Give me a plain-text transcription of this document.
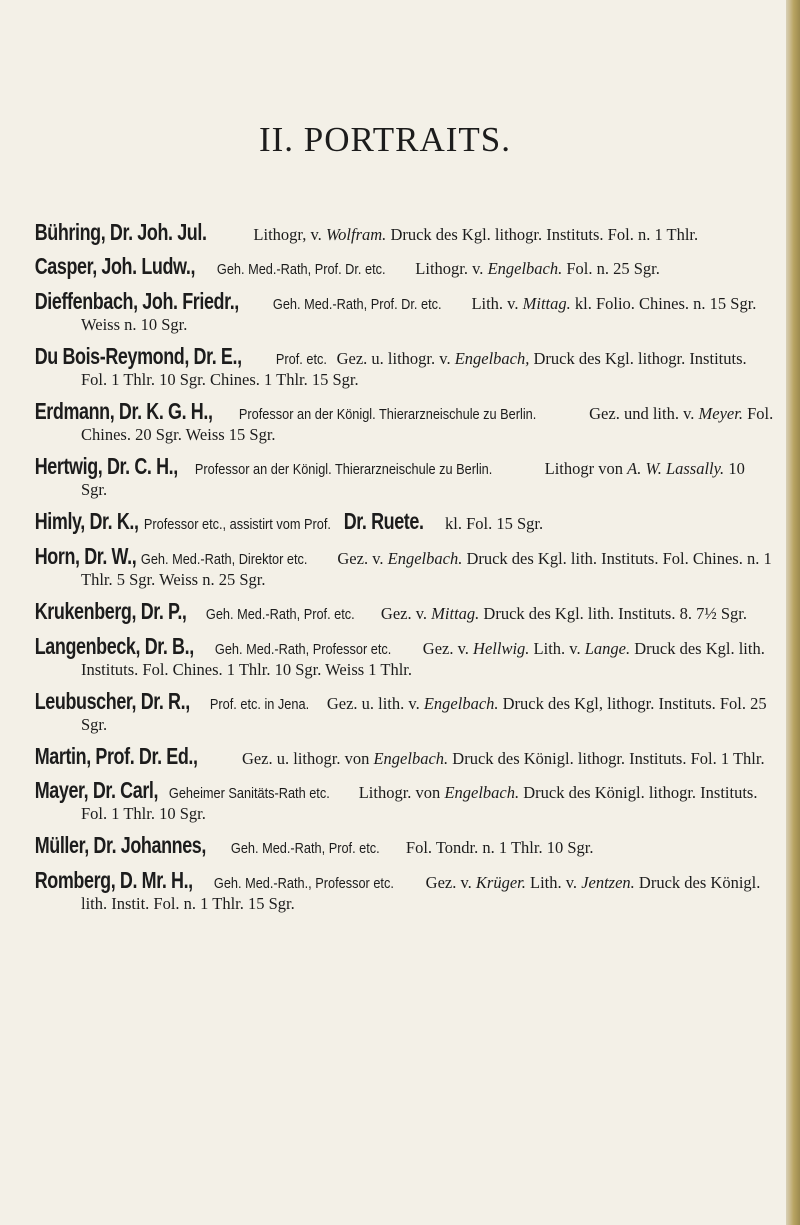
II. PORTRAITS.
Bühring, Dr. Joh. Jul.	Lithogr, v. Wolfram. Druck des Kgl. lithogr. Instituts. Fol. n. 1 Thlr.
Casper, Joh. Ludw., Geh. Med.-Rath, Prof. Dr. etc. Lithogr. v. Engelbach. Fol. n. 25 Sgr.
Dieffenbach, Joh. Friedr., Geh. Med.-Rath, Prof. Dr. etc. Lith. v. Mittag. kl. Folio. Chines. n. 15 Sgr. Weiss n. 10 Sgr.
Du Bois-Reymond, Dr. E., Prof. etc. Gez. u. lithogr. v. Engelbach, Druck des Kgl. lithogr. Instituts. Fol. 1 Thlr. 10 Sgr. Chines. 1 Thlr. 15 Sgr.
Erdmann, Dr. K. G. H., Professor an der Königl. Thierarzneischule zu Berlin.	Gez. und lith. v. Meyer. Fol. Chines. 20 Sgr. Weiss 15 Sgr.
Hertwig, Dr. C. H., Professor an der Königl. Thierarzneischule zu Berlin.	Lithogr von A. W. Lassally. 10 Sgr.
Himly, Dr. K., Professor etc., assistirt vom Prof. Dr. Ruete. kl. Fol. 15 Sgr.
Horn, Dr. W., Geh. Med.-Rath, Direktor etc. Gez. v. Engelbach. Druck des Kgl. lith. Instituts. Fol. Chines. n. 1 Thlr. 5 Sgr. Weiss n. 25 Sgr.
Krukenberg, Dr. P., Geh. Med.-Rath, Prof. etc. Gez. v. Mittag. Druck des Kgl. lith. Instituts. 8. 7½ Sgr.
Langenbeck, Dr. B., Geh. Med.-Rath, Professor etc. Gez. v. Hellwig. Lith. v. Lange. Druck des Kgl. lith. Instituts. Fol. Chines. 1 Thlr. 10 Sgr. Weiss 1 Thlr.
Leubuscher, Dr. R., Prof. etc. in Jena. Gez. u. lith. v. Engelbach. Druck des Kgl, lithogr. Instituts. Fol. 25 Sgr.
Martin, Prof. Dr. Ed.,	Gez. u. lithogr. von Engelbach. Druck des Königl. lithogr. Instituts. Fol. 1 Thlr.
Mayer, Dr. Carl, Geheimer Sanitäts-Rath etc. Lithogr. von Engelbach. Druck des Königl. lithogr. Instituts. Fol. 1 Thlr. 10 Sgr.
Müller, Dr. Johannes, Geh. Med.-Rath, Prof. etc. Fol. Tondr. n. 1 Thlr. 10 Sgr.
Romberg, D. Mr. H., Geh. Med.-Rath., Professor etc. Gez. v. Krüger. Lith. v. Jentzen. Druck des Königl. lith. Instit. Fol. n. 1 Thlr. 15 Sgr.
